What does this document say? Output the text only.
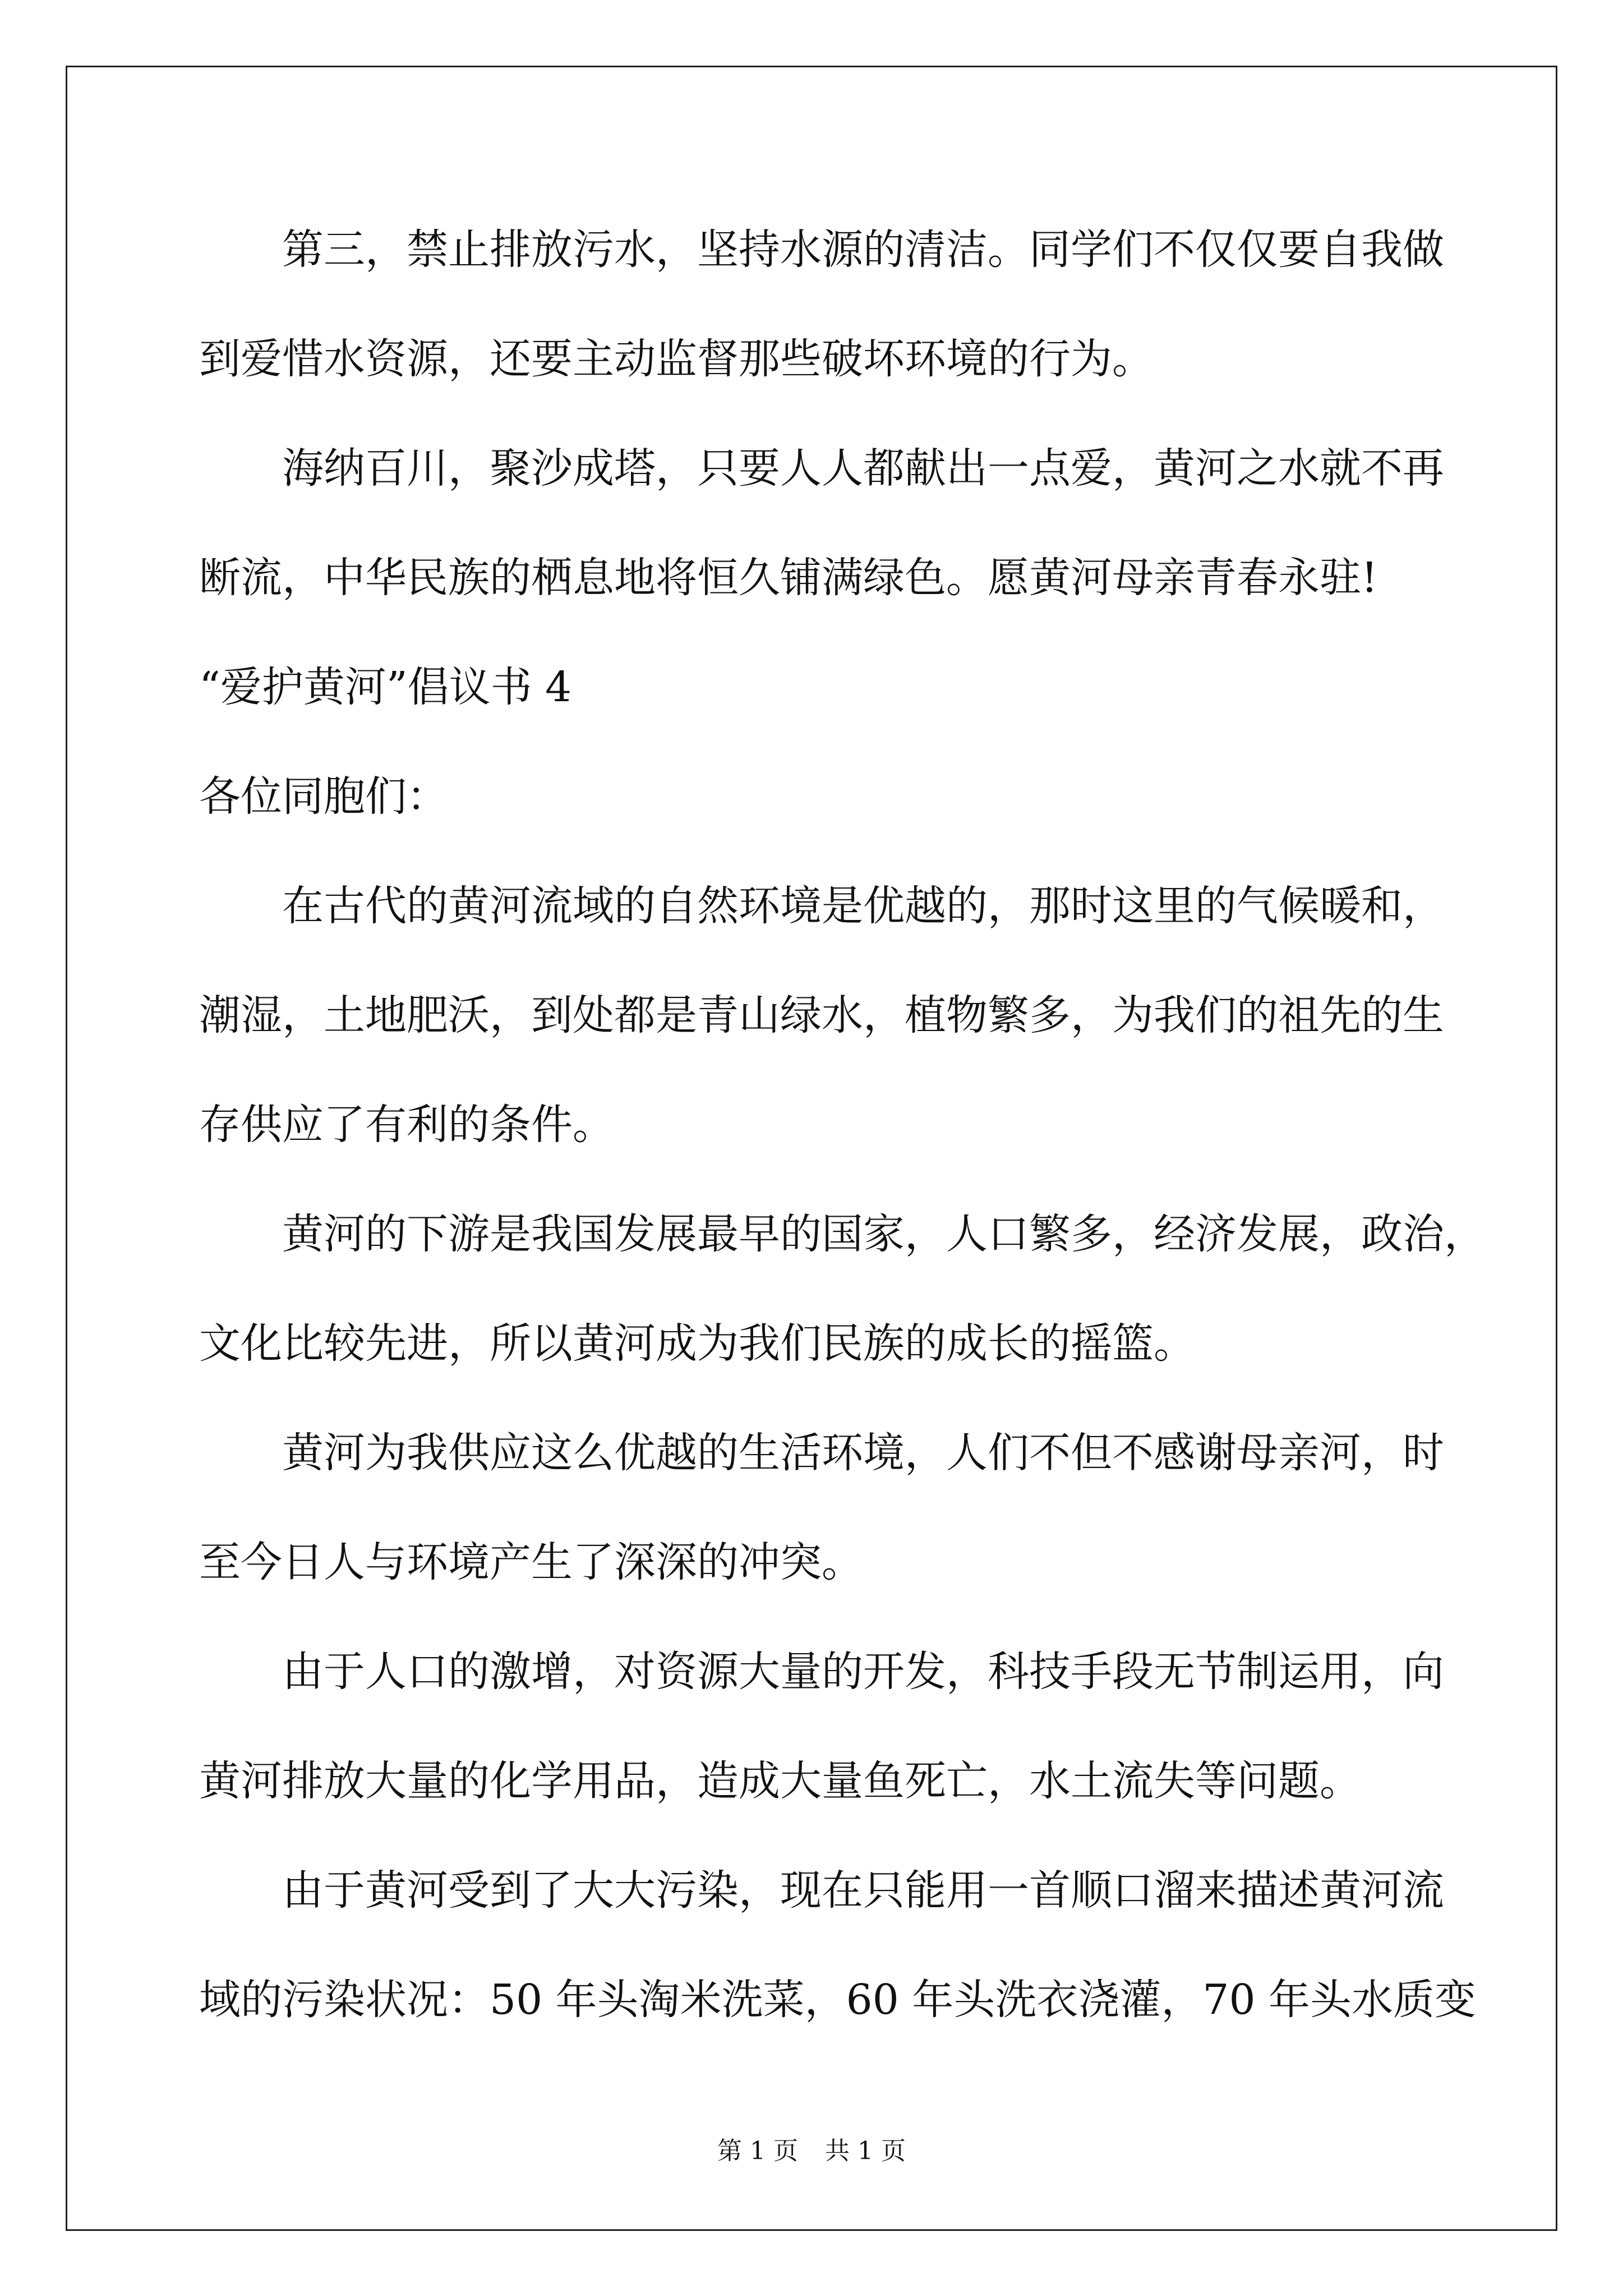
第三，禁止排放污水，坚持水源的清洁。同学们不仅仅要自我做
到爱惜水资源，还要主动监督那些破坏环境的行为。
海纳百川，聚沙成塔，只要人人都献出一点爱，黄河之水就不再
断流，中华民族的栖息地将恒久铺满绿色。愿黄河母亲青春永驻!
“爱护黄河”倡议书 4
各位同胞们：
在古代的黄河流域的自然环境是优越的，那时这里的气候暖和，
潮湿，土地肥沃，到处都是青山绿水，植物繁多，为我们的祖先的生
存供应了有利的条件。
黄河的下游是我国发展最早的国家，人口繁多，经济发展，政治，
文化比较先进，所以黄河成为我们民族的成长的摇篮。
黄河为我供应这么优越的生活环境，人们不但不感谢母亲河，时
至今日人与环境产生了深深的冲突。
由于人口的激增，对资源大量的开发，科技手段无节制运用，向
黄河排放大量的化学用品，造成大量鱼死亡，水土流失等问题。
由于黄河受到了大大污染，现在只能用一首顺口溜来描述黄河流
域的污染状况：50 年头淘米洗菜，60 年头洗衣浇灌，70 年头水质变
第 1 页 共 1 页
